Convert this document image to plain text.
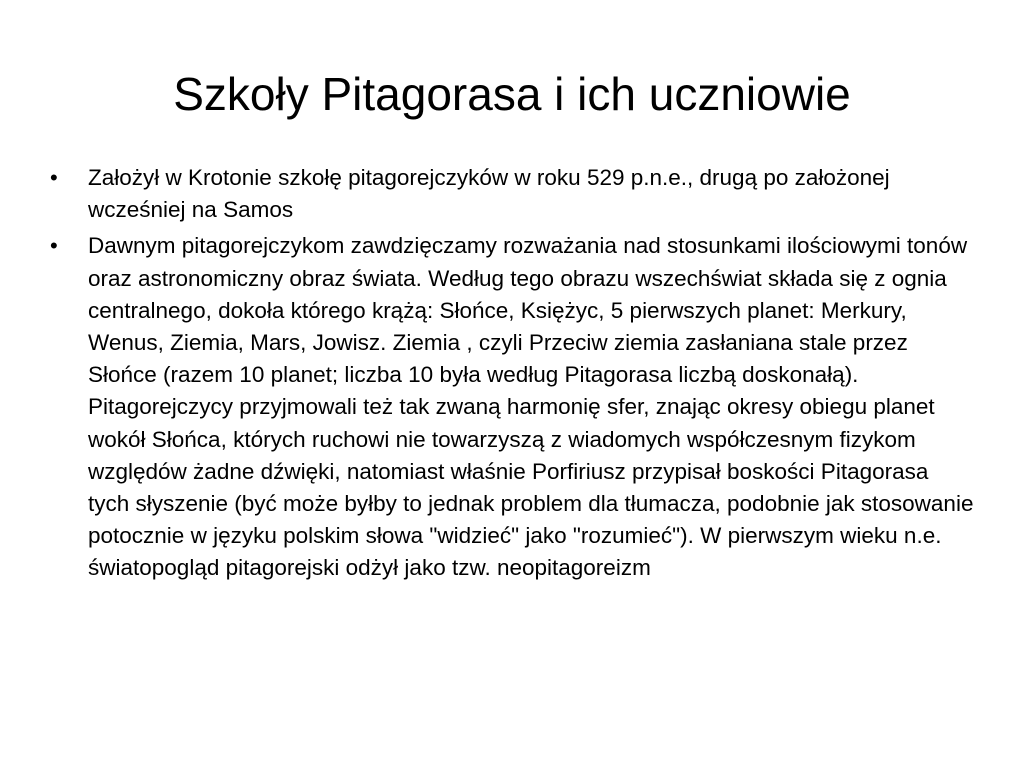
Szkoły Pitagorasa i ich uczniowie
•	Założył w Krotonie szkołę pitagorejczyków w roku 529 p.n.e., drugą po założonej wcześniej na Samos
•	Dawnym pitagorejczykom zawdzięczamy rozważania nad stosunkami ilościowymi tonów oraz astronomiczny obraz świata. Według tego obrazu wszechświat składa się z ognia centralnego, dokoła którego krążą: Słońce, Księżyc, 5 pierwszych planet: Merkury, Wenus, Ziemia, Mars, Jowisz. Ziemia , czyli Przeciw ziemia zasłaniana stale przez Słońce (razem 10 planet; liczba 10 była według Pitagorasa liczbą doskonałą). Pitagorejczycy przyjmowali też tak zwaną harmonię sfer, znając okresy obiegu planet wokół Słońca, których ruchowi nie towarzyszą z wiadomych współczesnym fizykom względów żadne dźwięki, natomiast właśnie Porfiriusz przypisał boskości Pitagorasa tych słyszenie (być może byłby to jednak problem dla tłumacza, podobnie jak stosowanie potocznie w języku polskim słowa "widzieć" jako "rozumieć"). W pierwszym wieku n.e. światopogląd pitagorejski odżył jako tzw. neopitagoreizm
